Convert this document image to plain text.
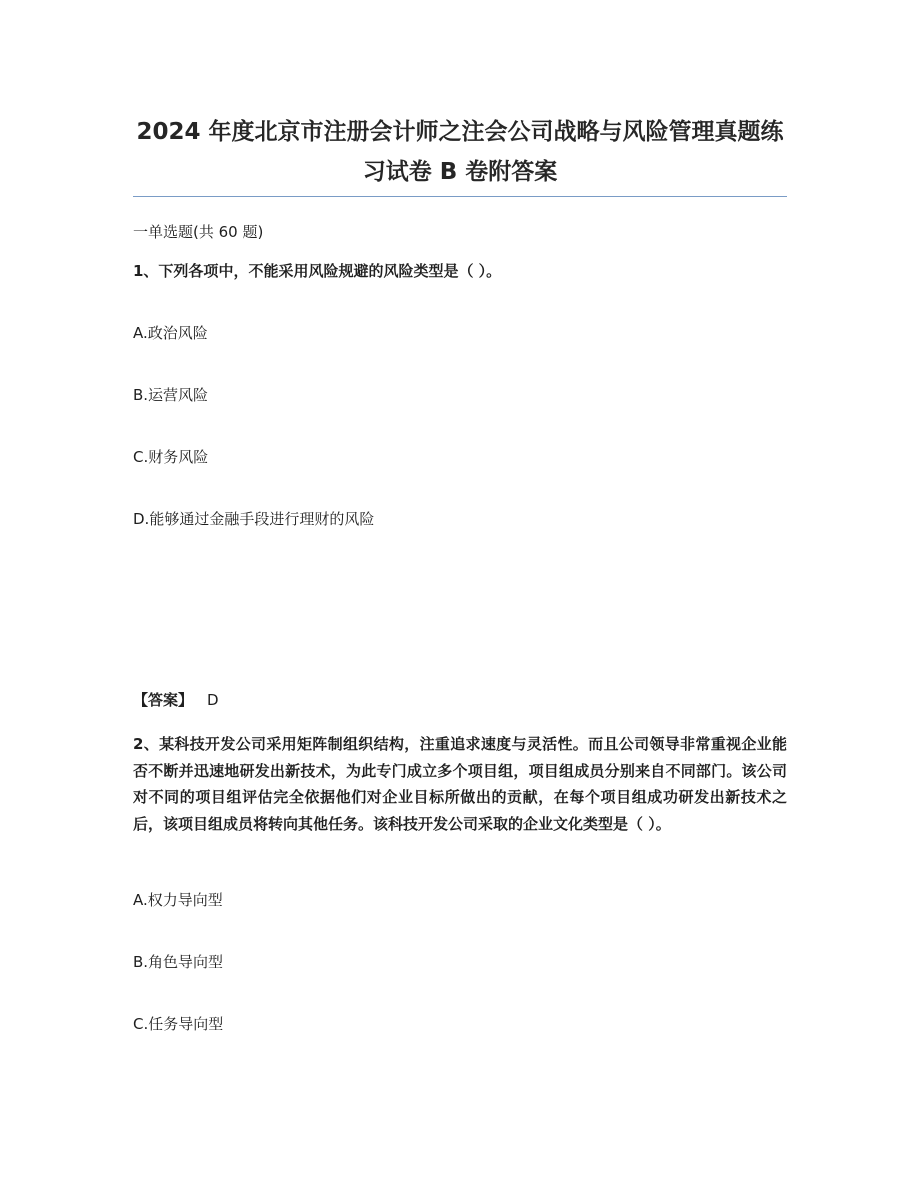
2024 年度北京市注册会计师之注会公司战略与风险管理真题练习试卷 B 卷附答案

一单选题(共 60 题)

1、下列各项中，不能采用风险规避的风险类型是（ ）。

A.政治风险

B.运营风险

C.财务风险

D.能够通过金融手段进行理财的风险

【答案】 D

2、某科技开发公司采用矩阵制组织结构，注重追求速度与灵活性。而且公司领导非常重视企业能否不断并迅速地研发出新技术，为此专门成立多个项目组，项目组成员分别来自不同部门。该公司对不同的项目组评估完全依据他们对企业目标所做出的贡献，在每个项目组成功研发出新技术之后，该项目组成员将转向其他任务。该科技开发公司采取的企业文化类型是（ ）。

A.权力导向型

B.角色导向型

C.任务导向型
